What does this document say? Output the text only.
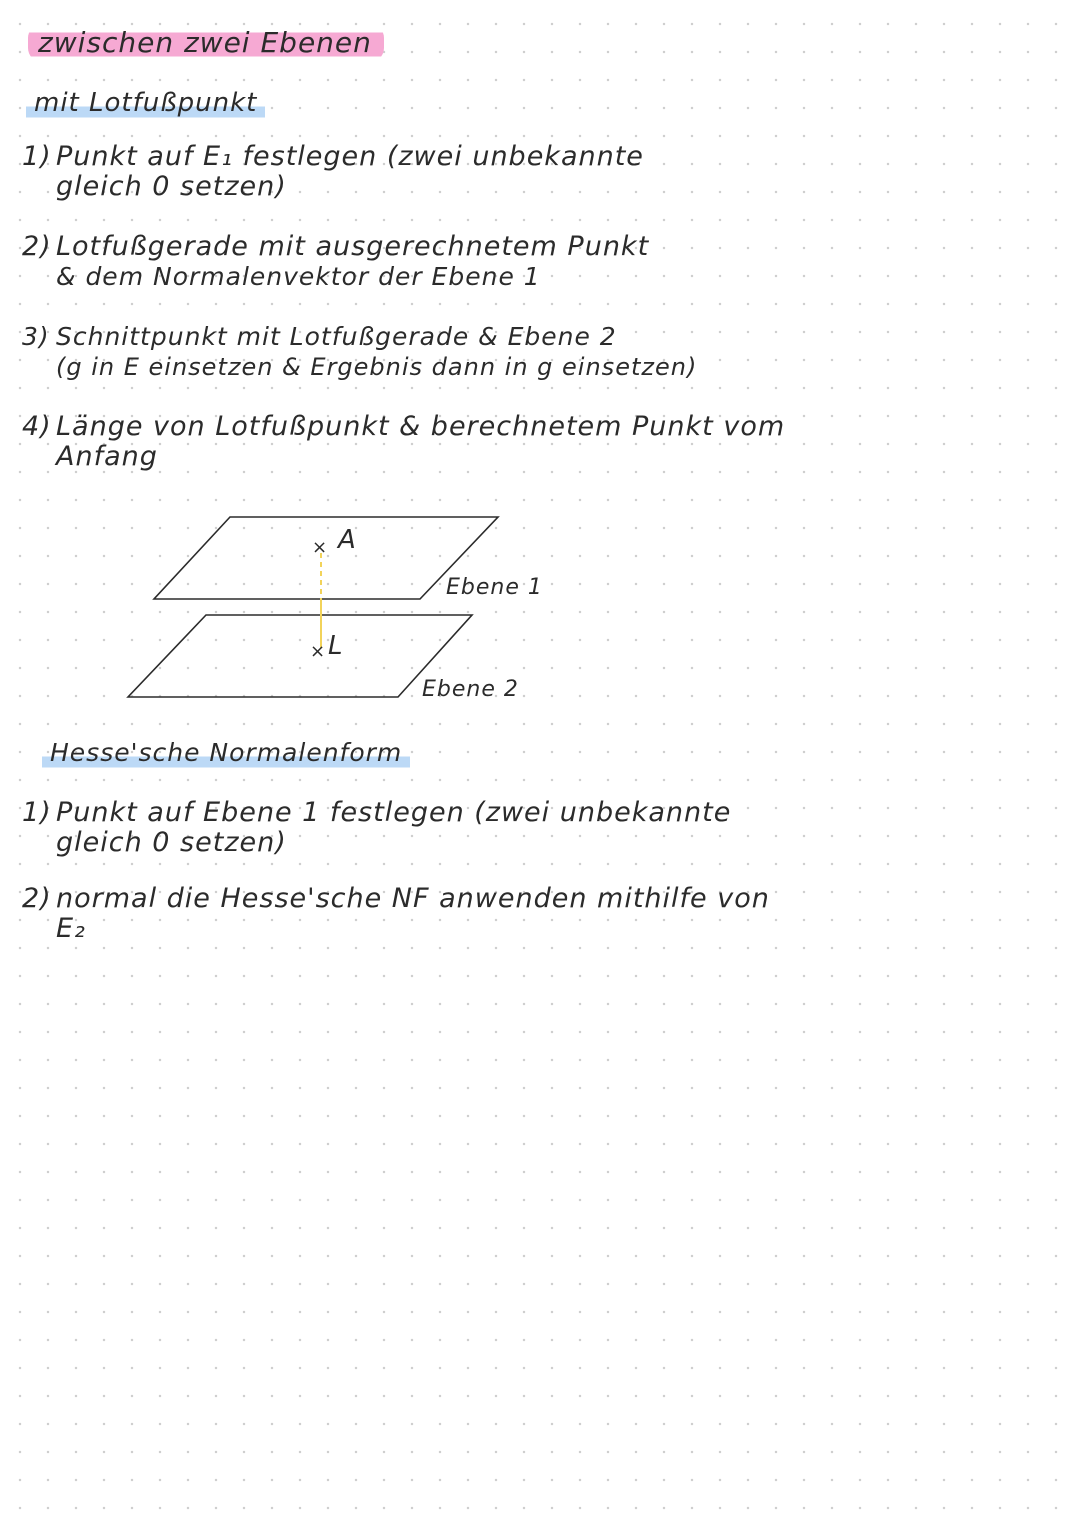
zwischen zwei Ebenen
mit Lotfußpunkt
1) Punkt auf E₁ festlegen (zwei unbekannte
gleich 0 setzen)
2) Lotfußgerade mit ausgerechnetem Punkt
& dem Normalenvektor der Ebene 1
3) Schnittpunkt mit Lotfußgerade & Ebene 2
(g in E einsetzen & Ergebnis dann in g einsetzen)
4) Länge von Lotfußpunkt & berechnetem Punkt vom
Anfang
× A
× L
Ebene 1
Ebene 2
Hesse'sche Normalenform
1) Punkt auf Ebene 1 festlegen (zwei unbekannte
gleich 0 setzen)
2) normal die Hesse'sche NF anwenden mithilfe von
E₂
